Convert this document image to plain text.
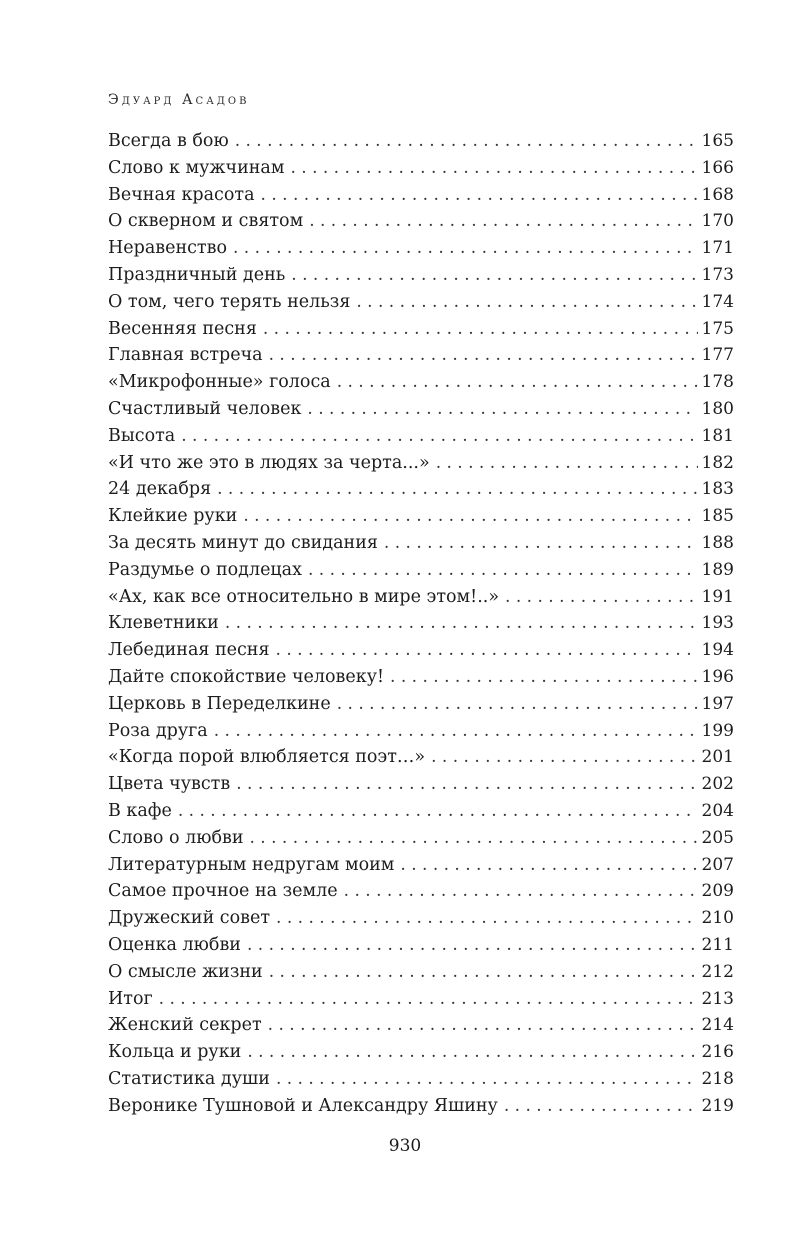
Эдуард Асадов
Всегда в бою . . .	165
Слово к мужчинам . . .	166
Вечная красота . . .	168
О скверном и святом . . .	170
Неравенство . . .	171
Праздничный день . . .	173
О том, чего терять нельзя . . .	174
Весенняя песня . . .	175
Главная встреча . . .	177
«Микрофонные» голоса . . .	178
Счастливый человек . . .	180
Высота . . .	181
«И что же это в людях за черта...» . . .	182
24 декабря . . .	183
Клейкие руки . . .	185
За десять минут до свидания . . .	188
Раздумье о подлецах . . .	189
«Ах, как все относительно в мире этом!..» . . .	191
Клеветники . . .	193
Лебединая песня . . .	194
Дайте спокойствие человеку! . . .	196
Церковь в Переделкине . . .	197
Роза друга . . .	199
«Когда порой влюбляется поэт…» . . .	201
Цвета чувств . . .	202
В кафе . . .	204
Слово о любви . . .	205
Литературным недругам моим . . .	207
Самое прочное на земле . . .	209
Дружеский совет . . .	210
Оценка любви . . .	211
О смысле жизни . . .	212
Итог . . .	213
Женский секрет . . .	214
Кольца и руки . . .	216
Статистика души . . .	218
Веронике Тушновой и Александру Яшину . . .	219
930
